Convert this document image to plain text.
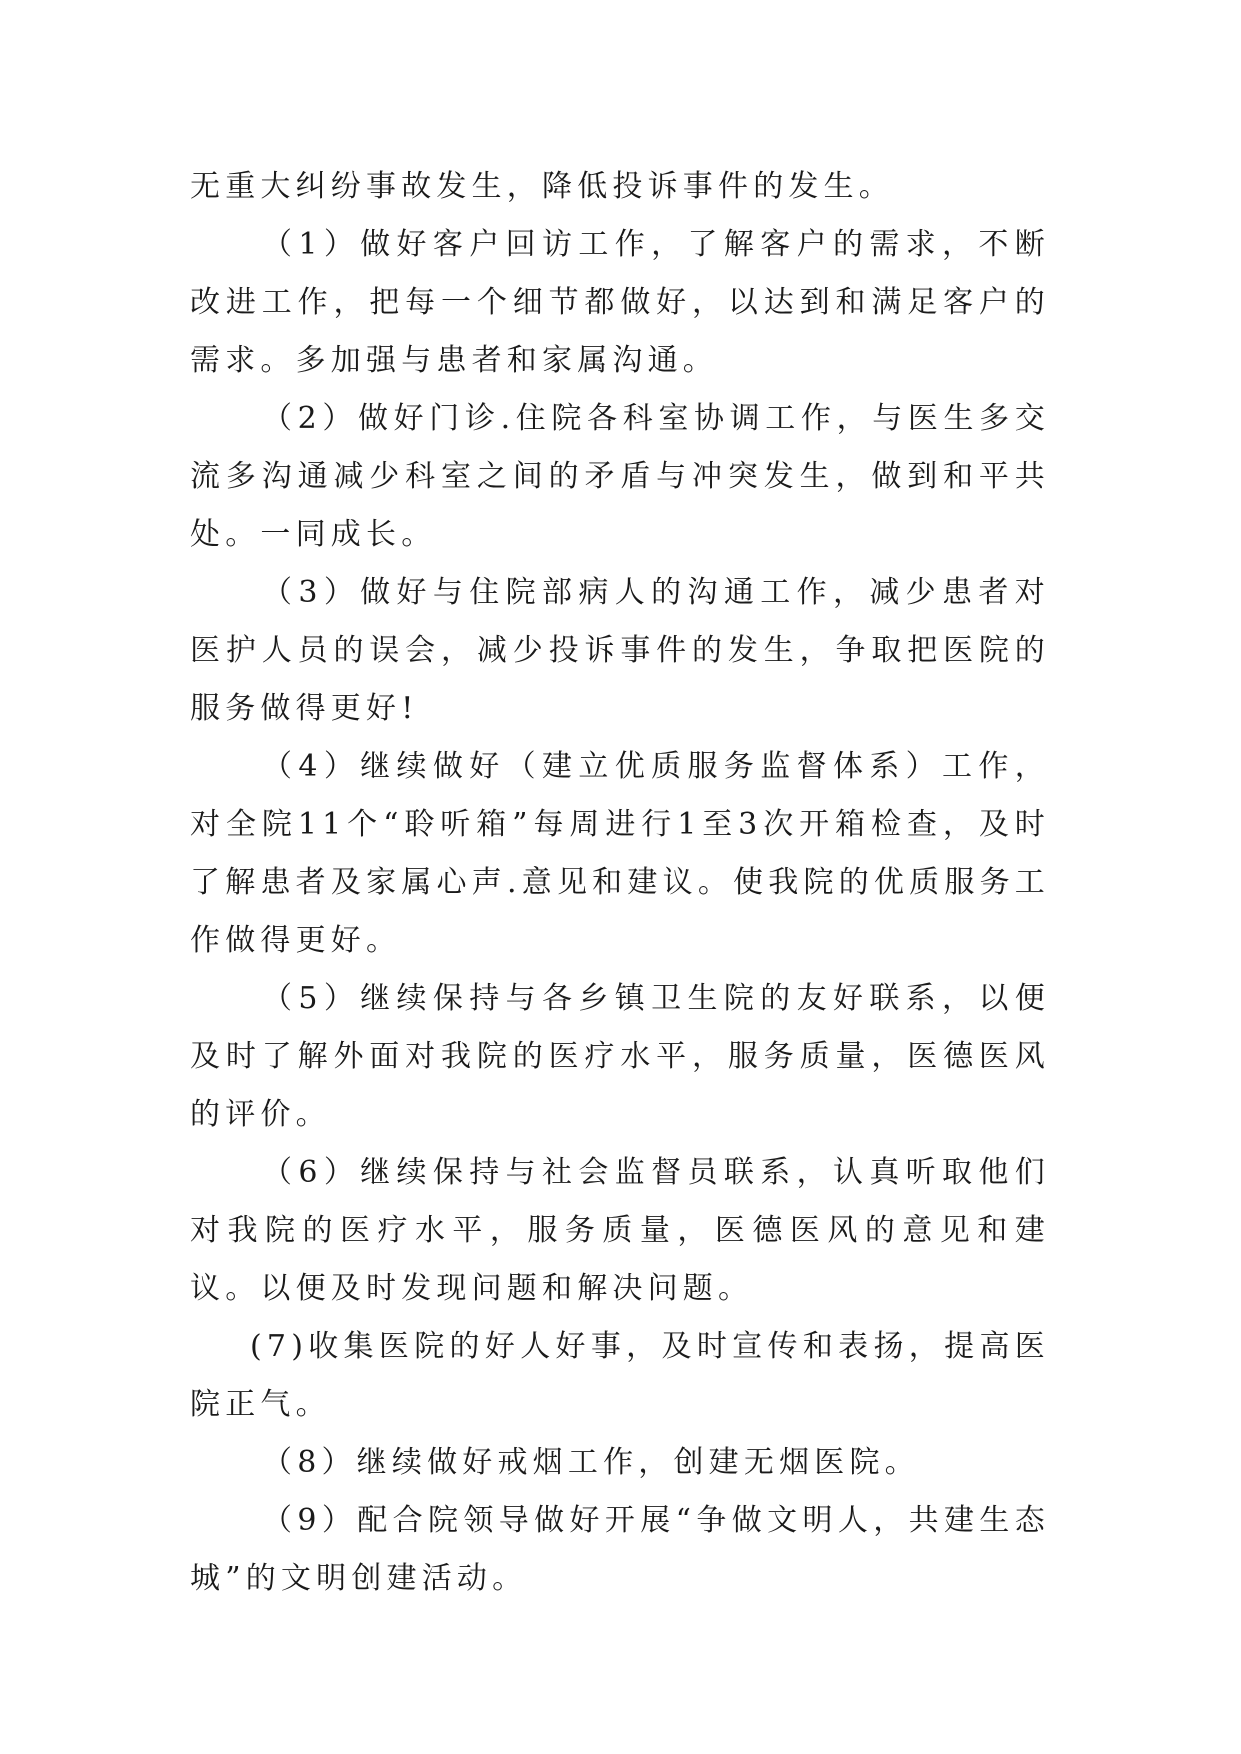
无重大纠纷事故发生，降低投诉事件的发生。

（1）做好客户回访工作，了解客户的需求，不断改进工作，把每一个细节都做好，以达到和满足客户的需求。多加强与患者和家属沟通。

（2）做好门诊.住院各科室协调工作，与医生多交流多沟通减少科室之间的矛盾与冲突发生，做到和平共处。一同成长。

（3）做好与住院部病人的沟通工作，减少患者对医护人员的误会，减少投诉事件的发生，争取把医院的服务做得更好!

（4）继续做好（建立优质服务监督体系）工作，对全院11个“聆听箱”每周进行1至3次开箱检查，及时了解患者及家属心声.意见和建议。使我院的优质服务工作做得更好。

（5）继续保持与各乡镇卫生院的友好联系，以便及时了解外面对我院的医疗水平，服务质量，医德医风的评价。

（6）继续保持与社会监督员联系，认真听取他们对我院的医疗水平，服务质量，医德医风的意见和建议。以便及时发现问题和解决问题。

(7)收集医院的好人好事，及时宣传和表扬，提高医院正气。

（8）继续做好戒烟工作，创建无烟医院。

（9）配合院领导做好开展“争做文明人，共建生态城”的文明创建活动。
